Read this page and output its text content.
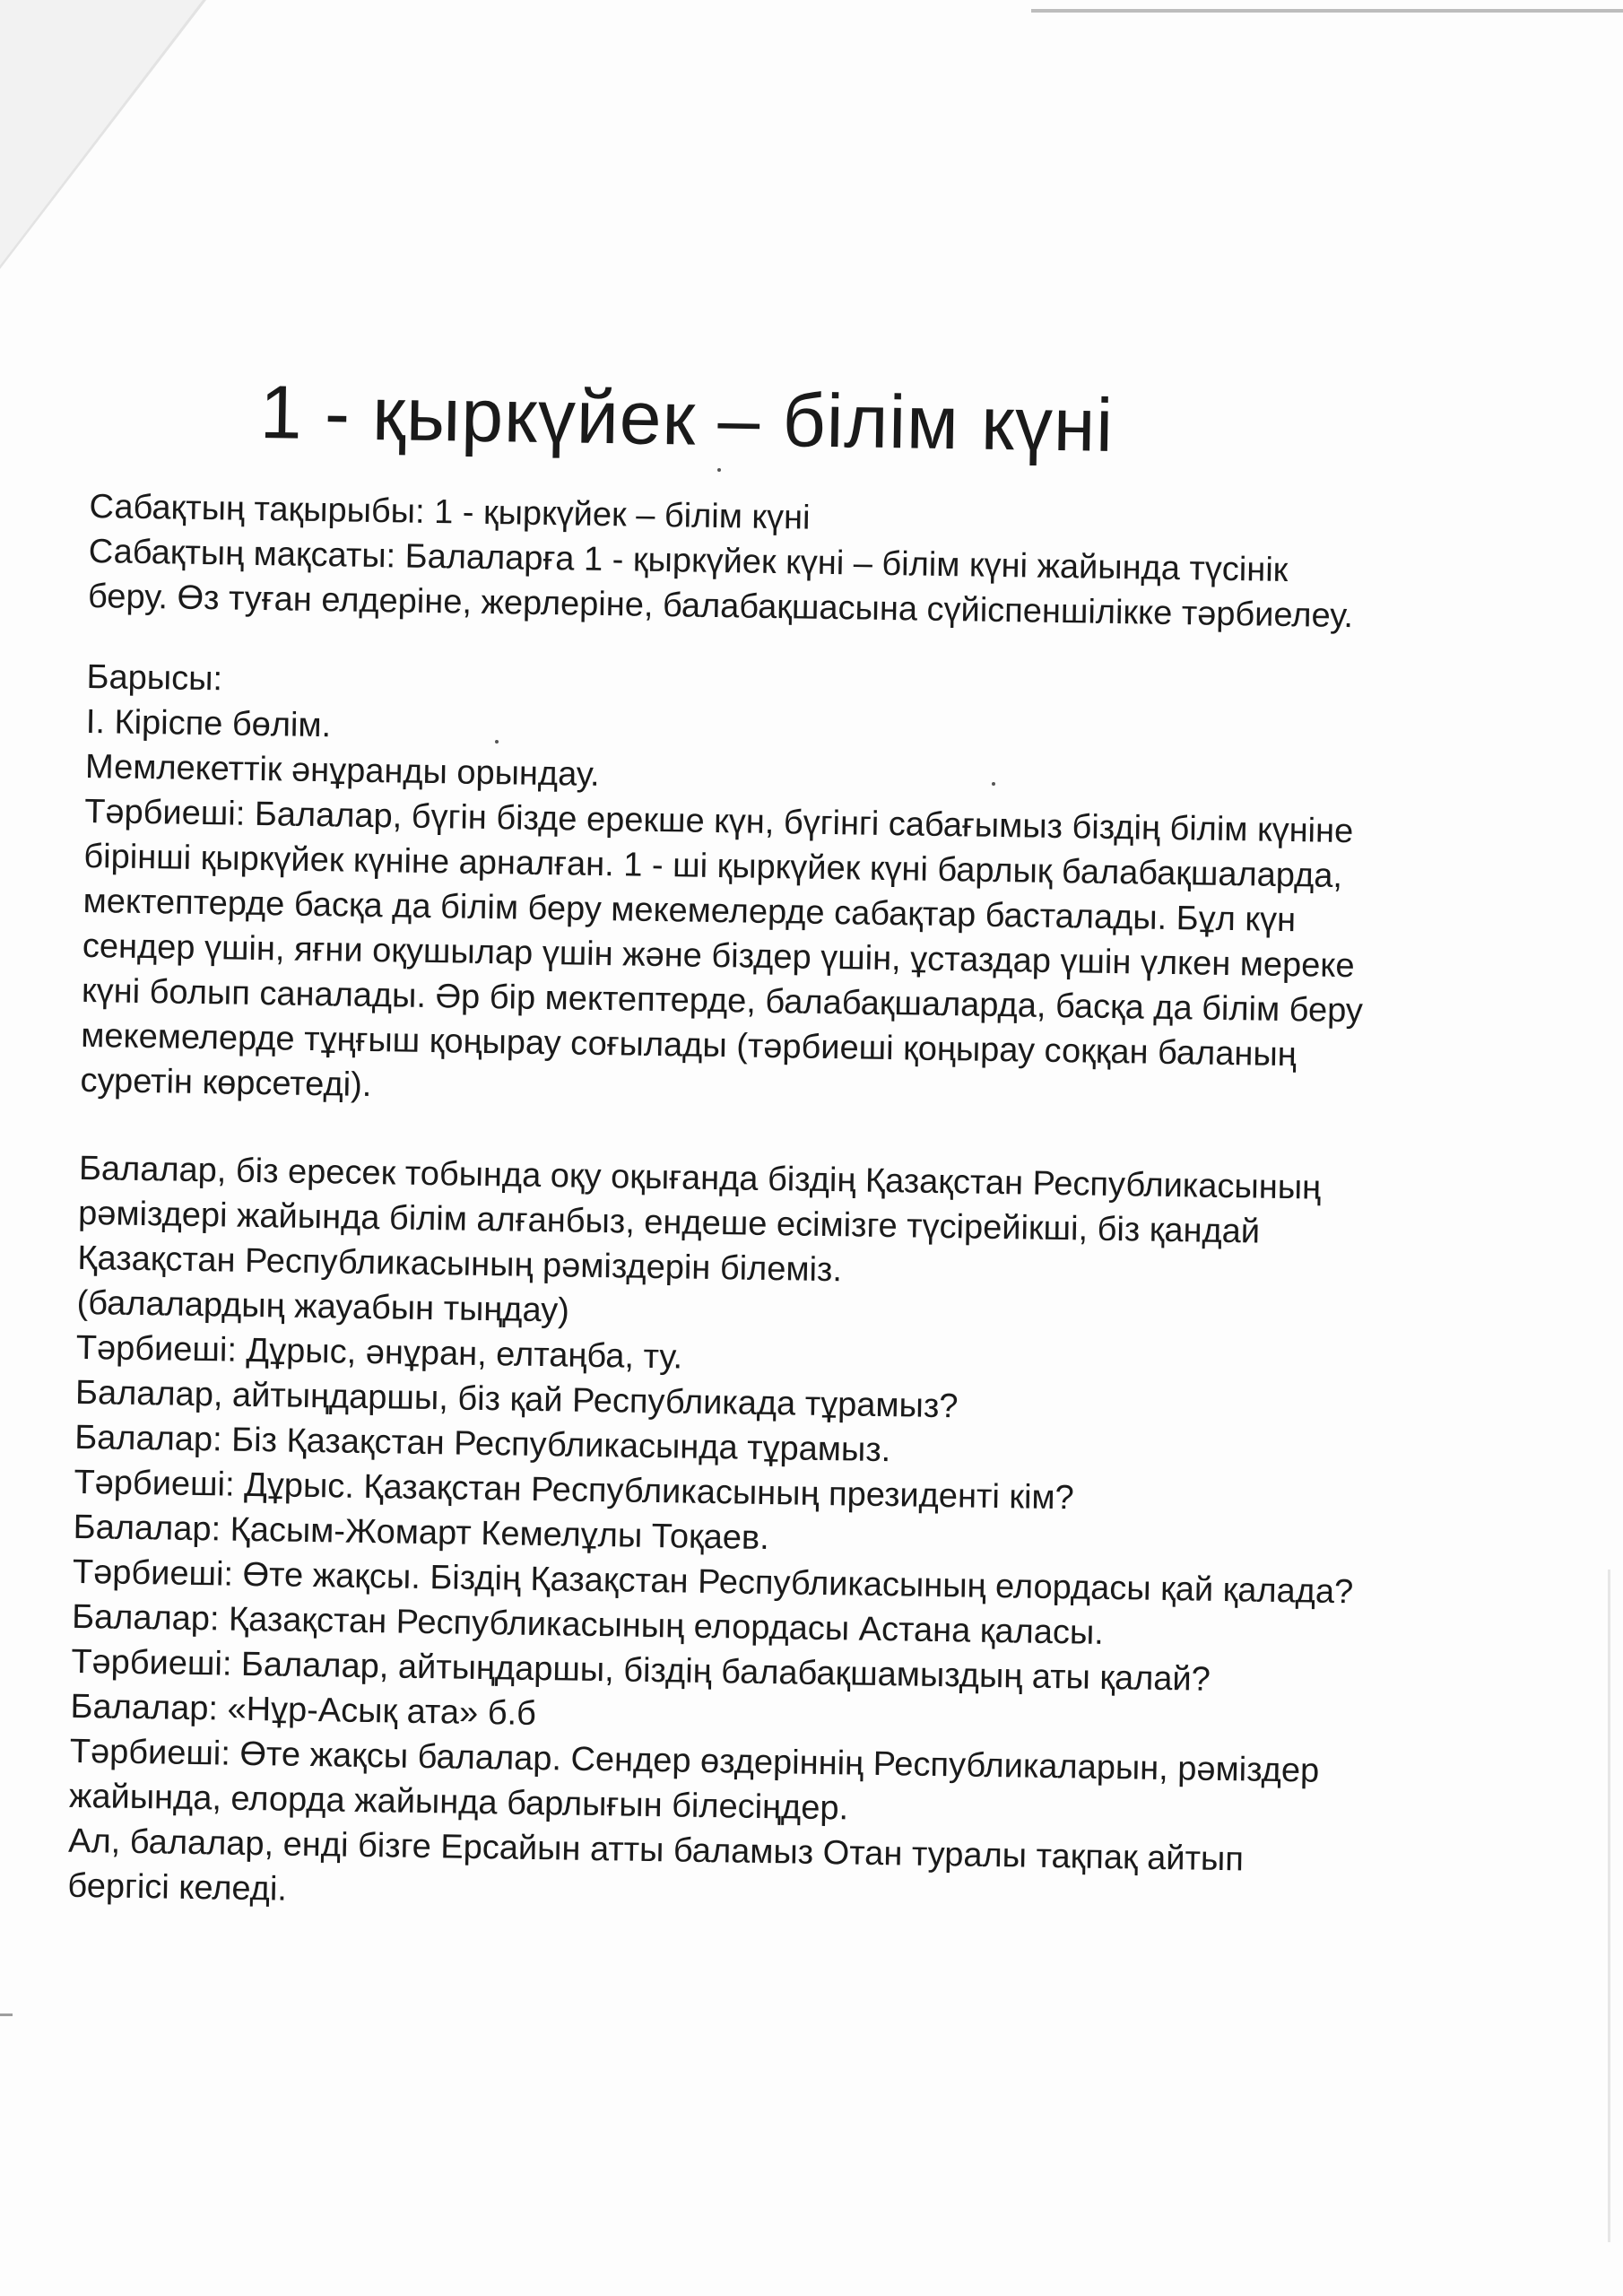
1 - қыркүйек – білім күні

Сабақтың тақырыбы: 1 - қыркүйек – білім күні

Сабақтың мақсаты: Балаларға 1 - қыркүйек күні – білім күні жайында түсінік

беру. Өз туған елдеріне, жерлеріне, балабақшасына сүйіспеншілікке тәрбиелеу.

Барысы:

I. Кіріспе бөлім.

Мемлекеттік әнұранды орындау.

Тәрбиеші: Балалар, бүгін бізде ерекше күн, бүгінгі сабағымыз біздің білім күніне

бірінші қыркүйек күніне арналған. 1 - ші қыркүйек күні барлық балабақшаларда,

мектептерде басқа да білім беру мекемелерде сабақтар басталады. Бұл күн

сендер үшін, яғни оқушылар үшін және біздер үшін, ұстаздар үшін үлкен мереке

күні болып саналады. Әр бір мектептерде, балабақшаларда, басқа да білім беру

мекемелерде тұңғыш қоңырау соғылады (тәрбиеші қоңырау соққан баланың

суретін көрсетеді).

Балалар, біз ересек тобында оқу оқығанда біздің Қазақстан Республикасының

рәміздері жайында білім алғанбыз, ендеше есімізге түсірейікші, біз қандай

Қазақстан Республикасының рәміздерін білеміз.

(балалардың жауабын тыңдау)

Тәрбиеші: Дұрыс, әнұран, елтаңба, ту.

Балалар, айтыңдаршы, біз қай Республикада тұрамыз?

Балалар: Біз Қазақстан Республикасында тұрамыз.

Тәрбиеші: Дұрыс. Қазақстан Республикасының президенті кім?

Балалар: Қасым-Жомарт Кемелұлы Тоқаев.

Тәрбиеші: Өте жақсы. Біздің Қазақстан Республикасының елордасы қай қалада?

Балалар: Қазақстан Республикасының елордасы Астана қаласы.

Тәрбиеші: Балалар, айтыңдаршы, біздің балабақшамыздың аты қалай?

Балалар: «Нұр-Асық ата» б.б

Тәрбиеші: Өте жақсы балалар. Сендер өздеріннің Республикаларын, рәміздер

жайында, елорда жайында барлығын білесіңдер.

Ал, балалар, енді бізге Ерсайын атты баламыз Отан туралы тақпақ айтып

бергісі келеді.
